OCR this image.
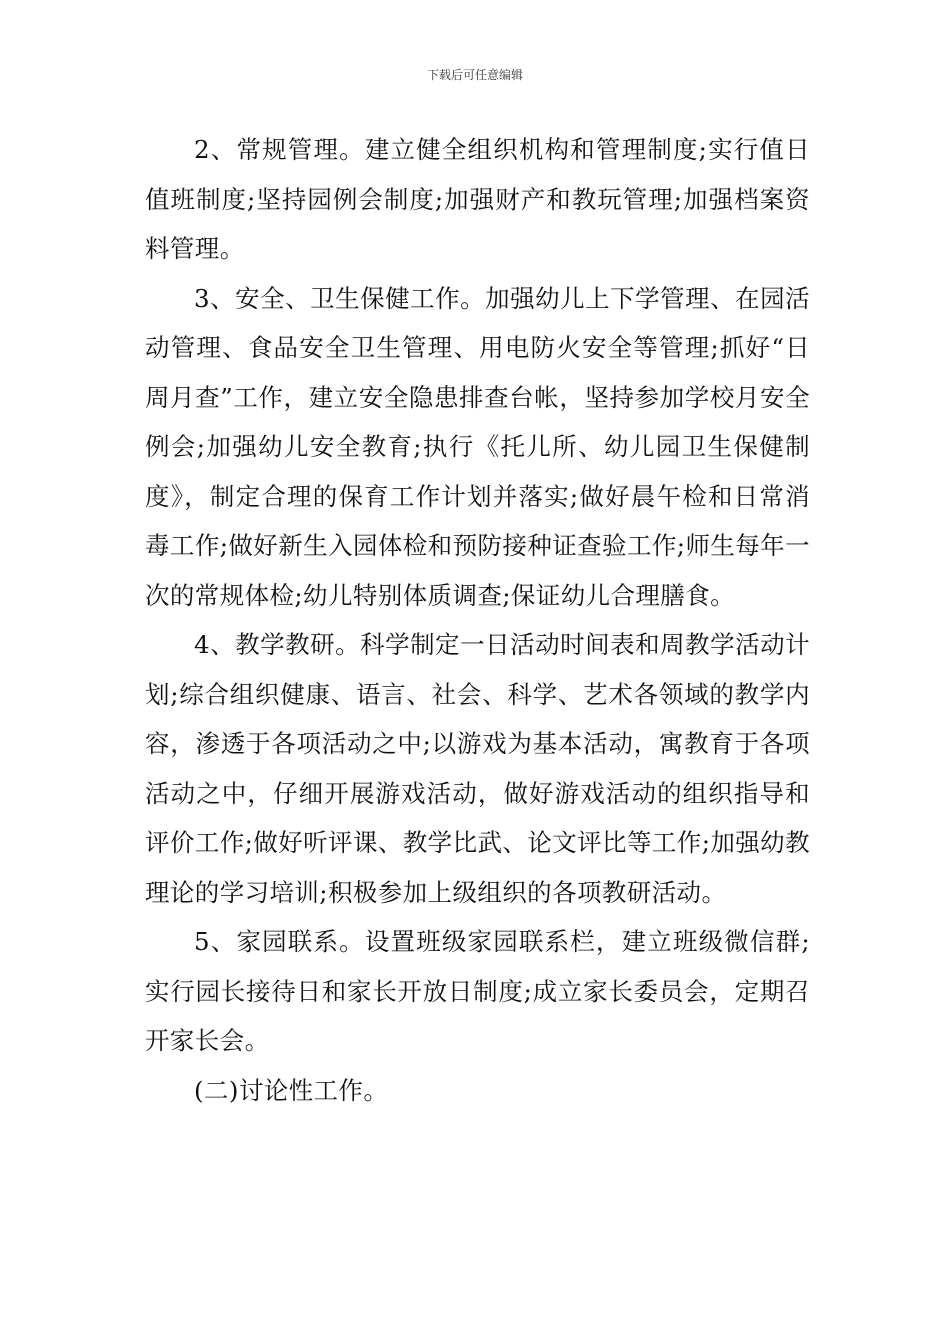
下载后可任意编辑

2、常规管理。建立健全组织机构和管理制度;实行值日值班制度;坚持园例会制度;加强财产和教玩管理;加强档案资料管理。

3、安全、卫生保健工作。加强幼儿上下学管理、在园活动管理、食品安全卫生管理、用电防火安全等管理;抓好“日周月查”工作，建立安全隐患排查台帐，坚持参加学校月安全例会;加强幼儿安全教育;执行《托儿所、幼儿园卫生保健制度》，制定合理的保育工作计划并落实;做好晨午检和日常消毒工作;做好新生入园体检和预防接种证查验工作;师生每年一次的常规体检;幼儿特别体质调查;保证幼儿合理膳食。

4、教学教研。科学制定一日活动时间表和周教学活动计划;综合组织健康、语言、社会、科学、艺术各领域的教学内容，渗透于各项活动之中;以游戏为基本活动，寓教育于各项活动之中，仔细开展游戏活动，做好游戏活动的组织指导和评价工作;做好听评课、教学比武、论文评比等工作;加强幼教理论的学习培训;积极参加上级组织的各项教研活动。

5、家园联系。设置班级家园联系栏，建立班级微信群;实行园长接待日和家长开放日制度;成立家长委员会，定期召开家长会。

(二)讨论性工作。
